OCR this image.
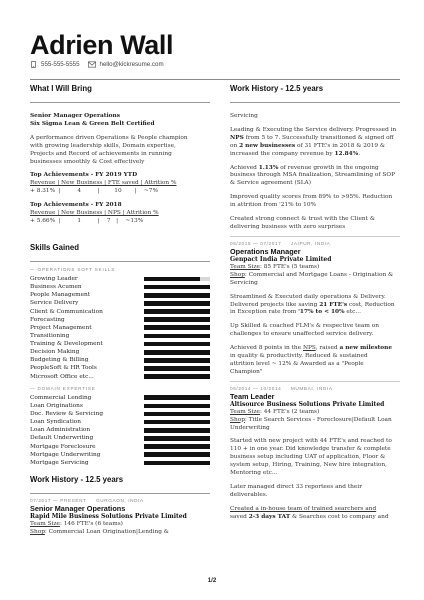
Adrien Wall
555-555-5555	hello@kickresume.com
What I Will Bring
Senior Manager Operations
Six Sigma Lean & Green Belt Certified
A performance driven Operations & People champion
with growing leadership skills, Domain expertise,
Projects and Record of achievements in running
businesses smoothly & Cost effectively
Top Achievements - FY 2019 YTD
Revenue | New Business | FTE saved | Attrition %
+ 8.31%  |         4         |        10       |    ~7%
Top Achievements - FY 2018
Revenue | New Business | NPS | Attrition %
+ 5.66%  |         1         |    7   |    ~13%
Skills Gained
— OPERATIONS SOFT SKILLS
Growing Leader
Business Acumen
People Management
Service Delivery
Client & Communication
Forecasting
Project Management
Transitioning
Training & Development
Decision Making
Budgeting & Billing
PeopleSoft & HR Tools
Microsoft Office etc...
— DOMAIN EXPERTISE
Commercial Lending
Loan Originations
Doc. Review & Servicing
Loan Syndication
Loan Administration
Default Underwriting
Mortgage Foreclosure
Mortgage Underwriting
Mortgage Servicing
Work History - 12.5 years
07/2017 — PRESENT     GURGAON, INDIA
Senior Manager Operations
Rapid Mile Business Solutions Private Limited
Team Size: 146 FTE's (6 teams)
Shop: Commercial Loan Origination|Lending &
Work History - 12.5 years
Servicing
Leading & Executing the Service delivery. Progressed in
NPS from 5 to 7. Successfully transitioned & signed off
on 2 new businesses of 31 FTE's in 2018 & 2019 &
increased the company revenue by 12.84%.
Achieved 1.13% of revenue growth in the ongoing
business through MSA finalization, Streamlining of SOP
& Service agreement (SLA)
Improved quality scores from 89% to >95%. Reduction
in attrition from '21% to 10%
Created strong connect & trust with the Client &
delivering business with zero surprises
05/2015 — 07/2017     JAIPUR, INDIA
Operations Manager
Genpact India Private Limited
Team Size: 85 FTE's (5 teams)
Shop: Commercial and Mortgage Loans - Origination &
Servicing
Streamlined & Executed daily operations & Delivery.
Delivered projects like saving 21 FTE's cost, Reduction
in Exception rate from '17% to < 10% etc...
Up Skilled & coached FLM's & respective team on
challenges to ensure unaffected service delivery.
Achieved 8 points in the NPS, raised a new milestone
in quality & productivity. Reduced & sustained
attrition level ~ 12% & Awarded as a "People
Champion"
06/2014 — 10/2014     MUMBAI, INDIA
Team Leader
Altisource Business Solutions Private Limited
Team Size: 44 FTE's (2 teams)
Shop: Title Search Services - Foreclosure|Default Loan
Underwriting
Started with new project with 44 FTE's and reached to
110 + in one year. Did knowledge transfer & complete
business setup including UAT of application, Floor &
system setup, Hiring, Training, New hire integration,
Mentoring etc...
Later managed direct 33 reportees and their
deliverables.
Created a in-house team of trained searchers and
saved 2-3 days TAT & Searches cost to company and
1/2
